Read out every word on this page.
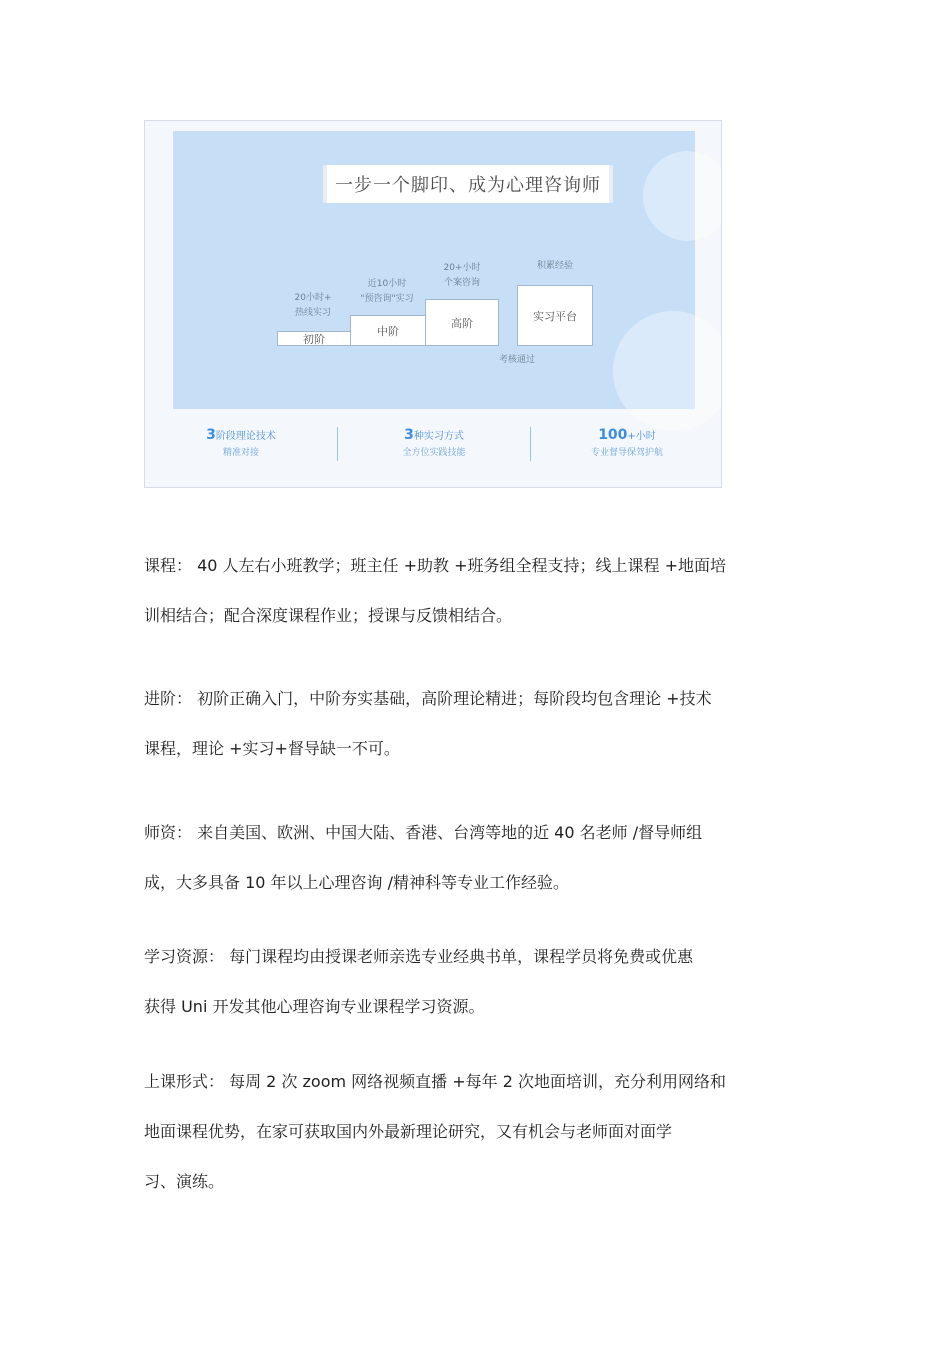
一步一个脚印、成为心理咨询师
20小时+
热线实习
近10小时
"预咨询"实习
20+小时
个案咨询
积累经验
初阶
中阶
高阶
实习平台
考核通过
3阶段理论技术
精准对接
3种实习方式
全方位实践技能
100+小时
专业督导保驾护航

课程： 40 人左右小班教学；班主任 +助教 +班务组全程支持；线上课程 +地面培

训相结合；配合深度课程作业；授课与反馈相结合。

进阶： 初阶正确入门，中阶夯实基础，高阶理论精进；每阶段均包含理论 +技术

课程，理论 +实习+督导缺一不可。

师资： 来自美国、欧洲、中国大陆、香港、台湾等地的近 40 名老师 /督导师组

成，大多具备 10 年以上心理咨询 /精神科等专业工作经验。

学习资源： 每门课程均由授课老师亲选专业经典书单，课程学员将免费或优惠

获得 Uni 开发其他心理咨询专业课程学习资源。

上课形式： 每周 2 次 zoom 网络视频直播 +每年 2 次地面培训，充分利用网络和

地面课程优势，在家可获取国内外最新理论研究，又有机会与老师面对面学

习、演练。
